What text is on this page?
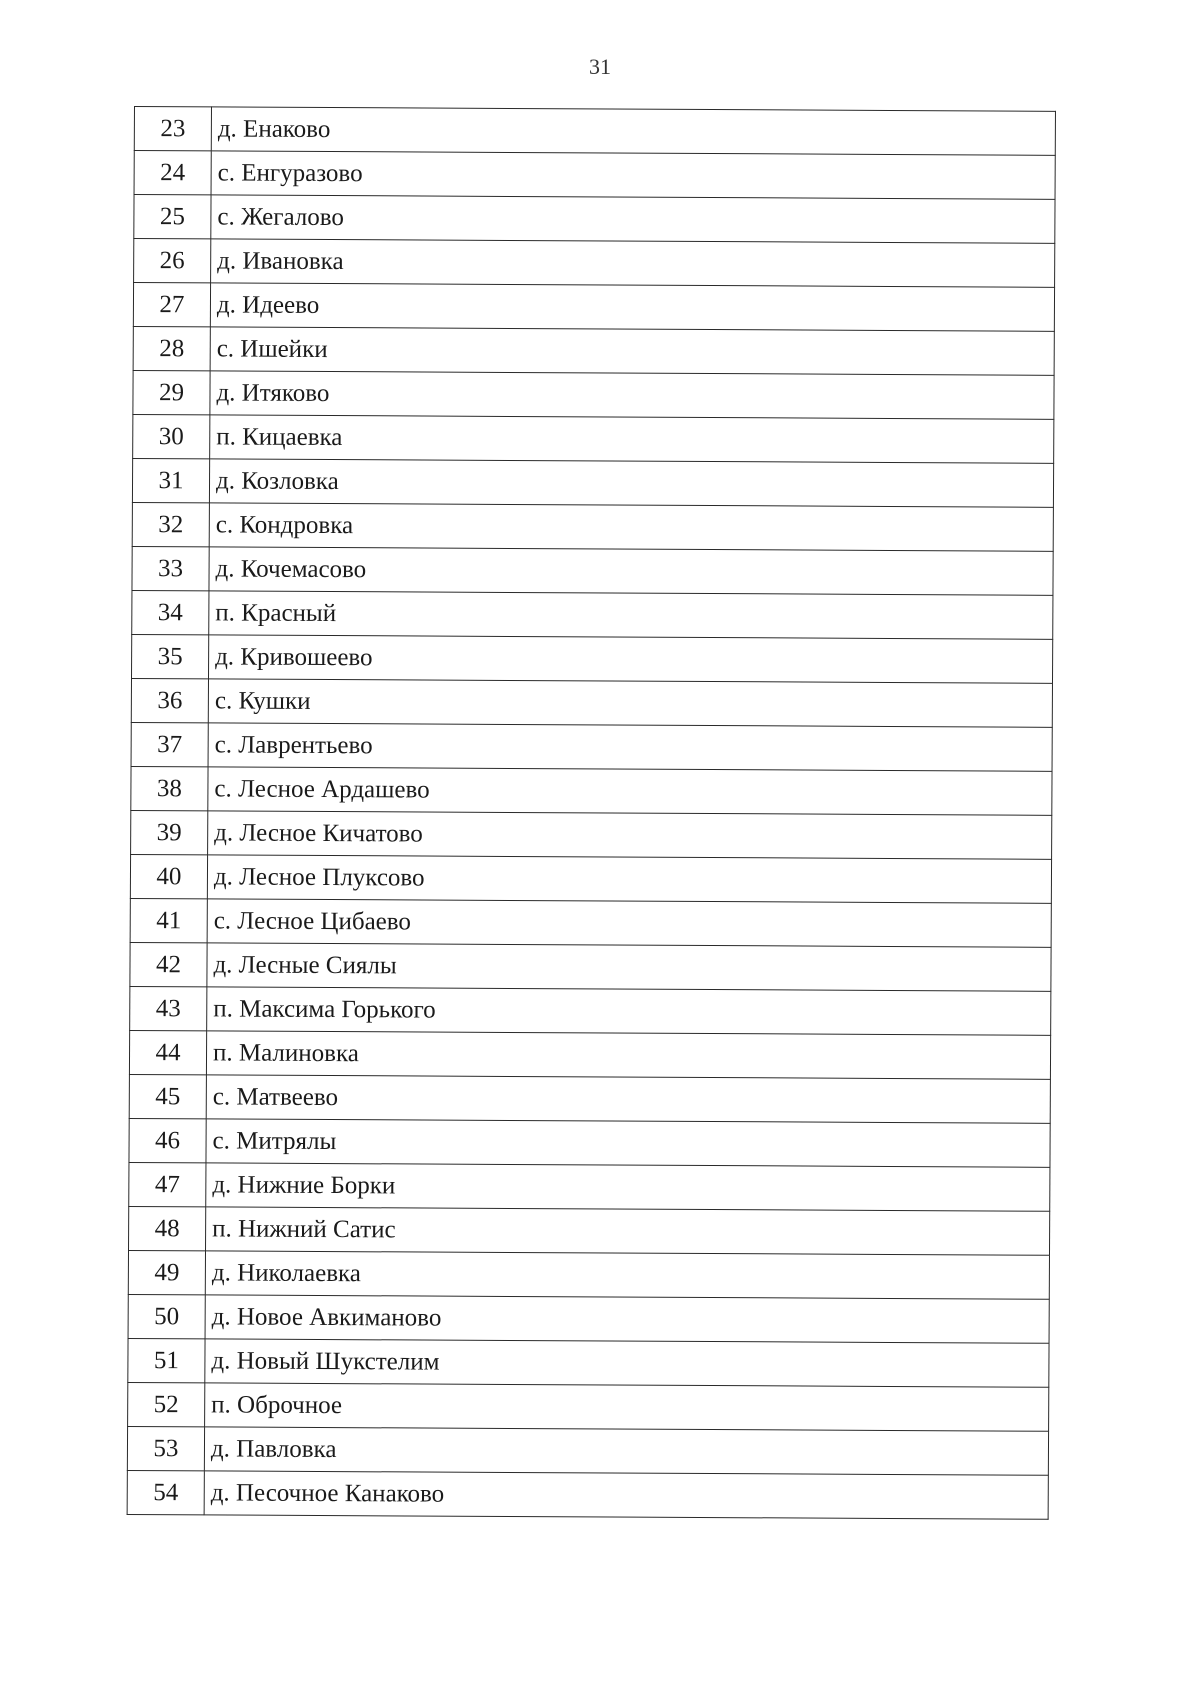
31
23	д. Енаково
24	с. Енгуразово
25	с. Жегалово
26	д. Ивановка
27	д. Идеево
28	с. Ишейки
29	д. Итяково
30	п. Кицаевка
31	д. Козловка
32	с. Кондровка
33	д. Кочемасово
34	п. Красный
35	д. Кривошеево
36	с. Кушки
37	с. Лаврентьево
38	с. Лесное Ардашево
39	д. Лесное Кичатово
40	д. Лесное Плуксово
41	с. Лесное Цибаево
42	д. Лесные Сиялы
43	п. Максима Горького
44	п. Малиновка
45	с. Матвеево
46	с. Митрялы
47	д. Нижние Борки
48	п. Нижний Сатис
49	д. Николаевка
50	д. Новое Авкиманово
51	д. Новый Шукстелим
52	п. Оброчное
53	д. Павловка
54	д. Песочное Канаково
